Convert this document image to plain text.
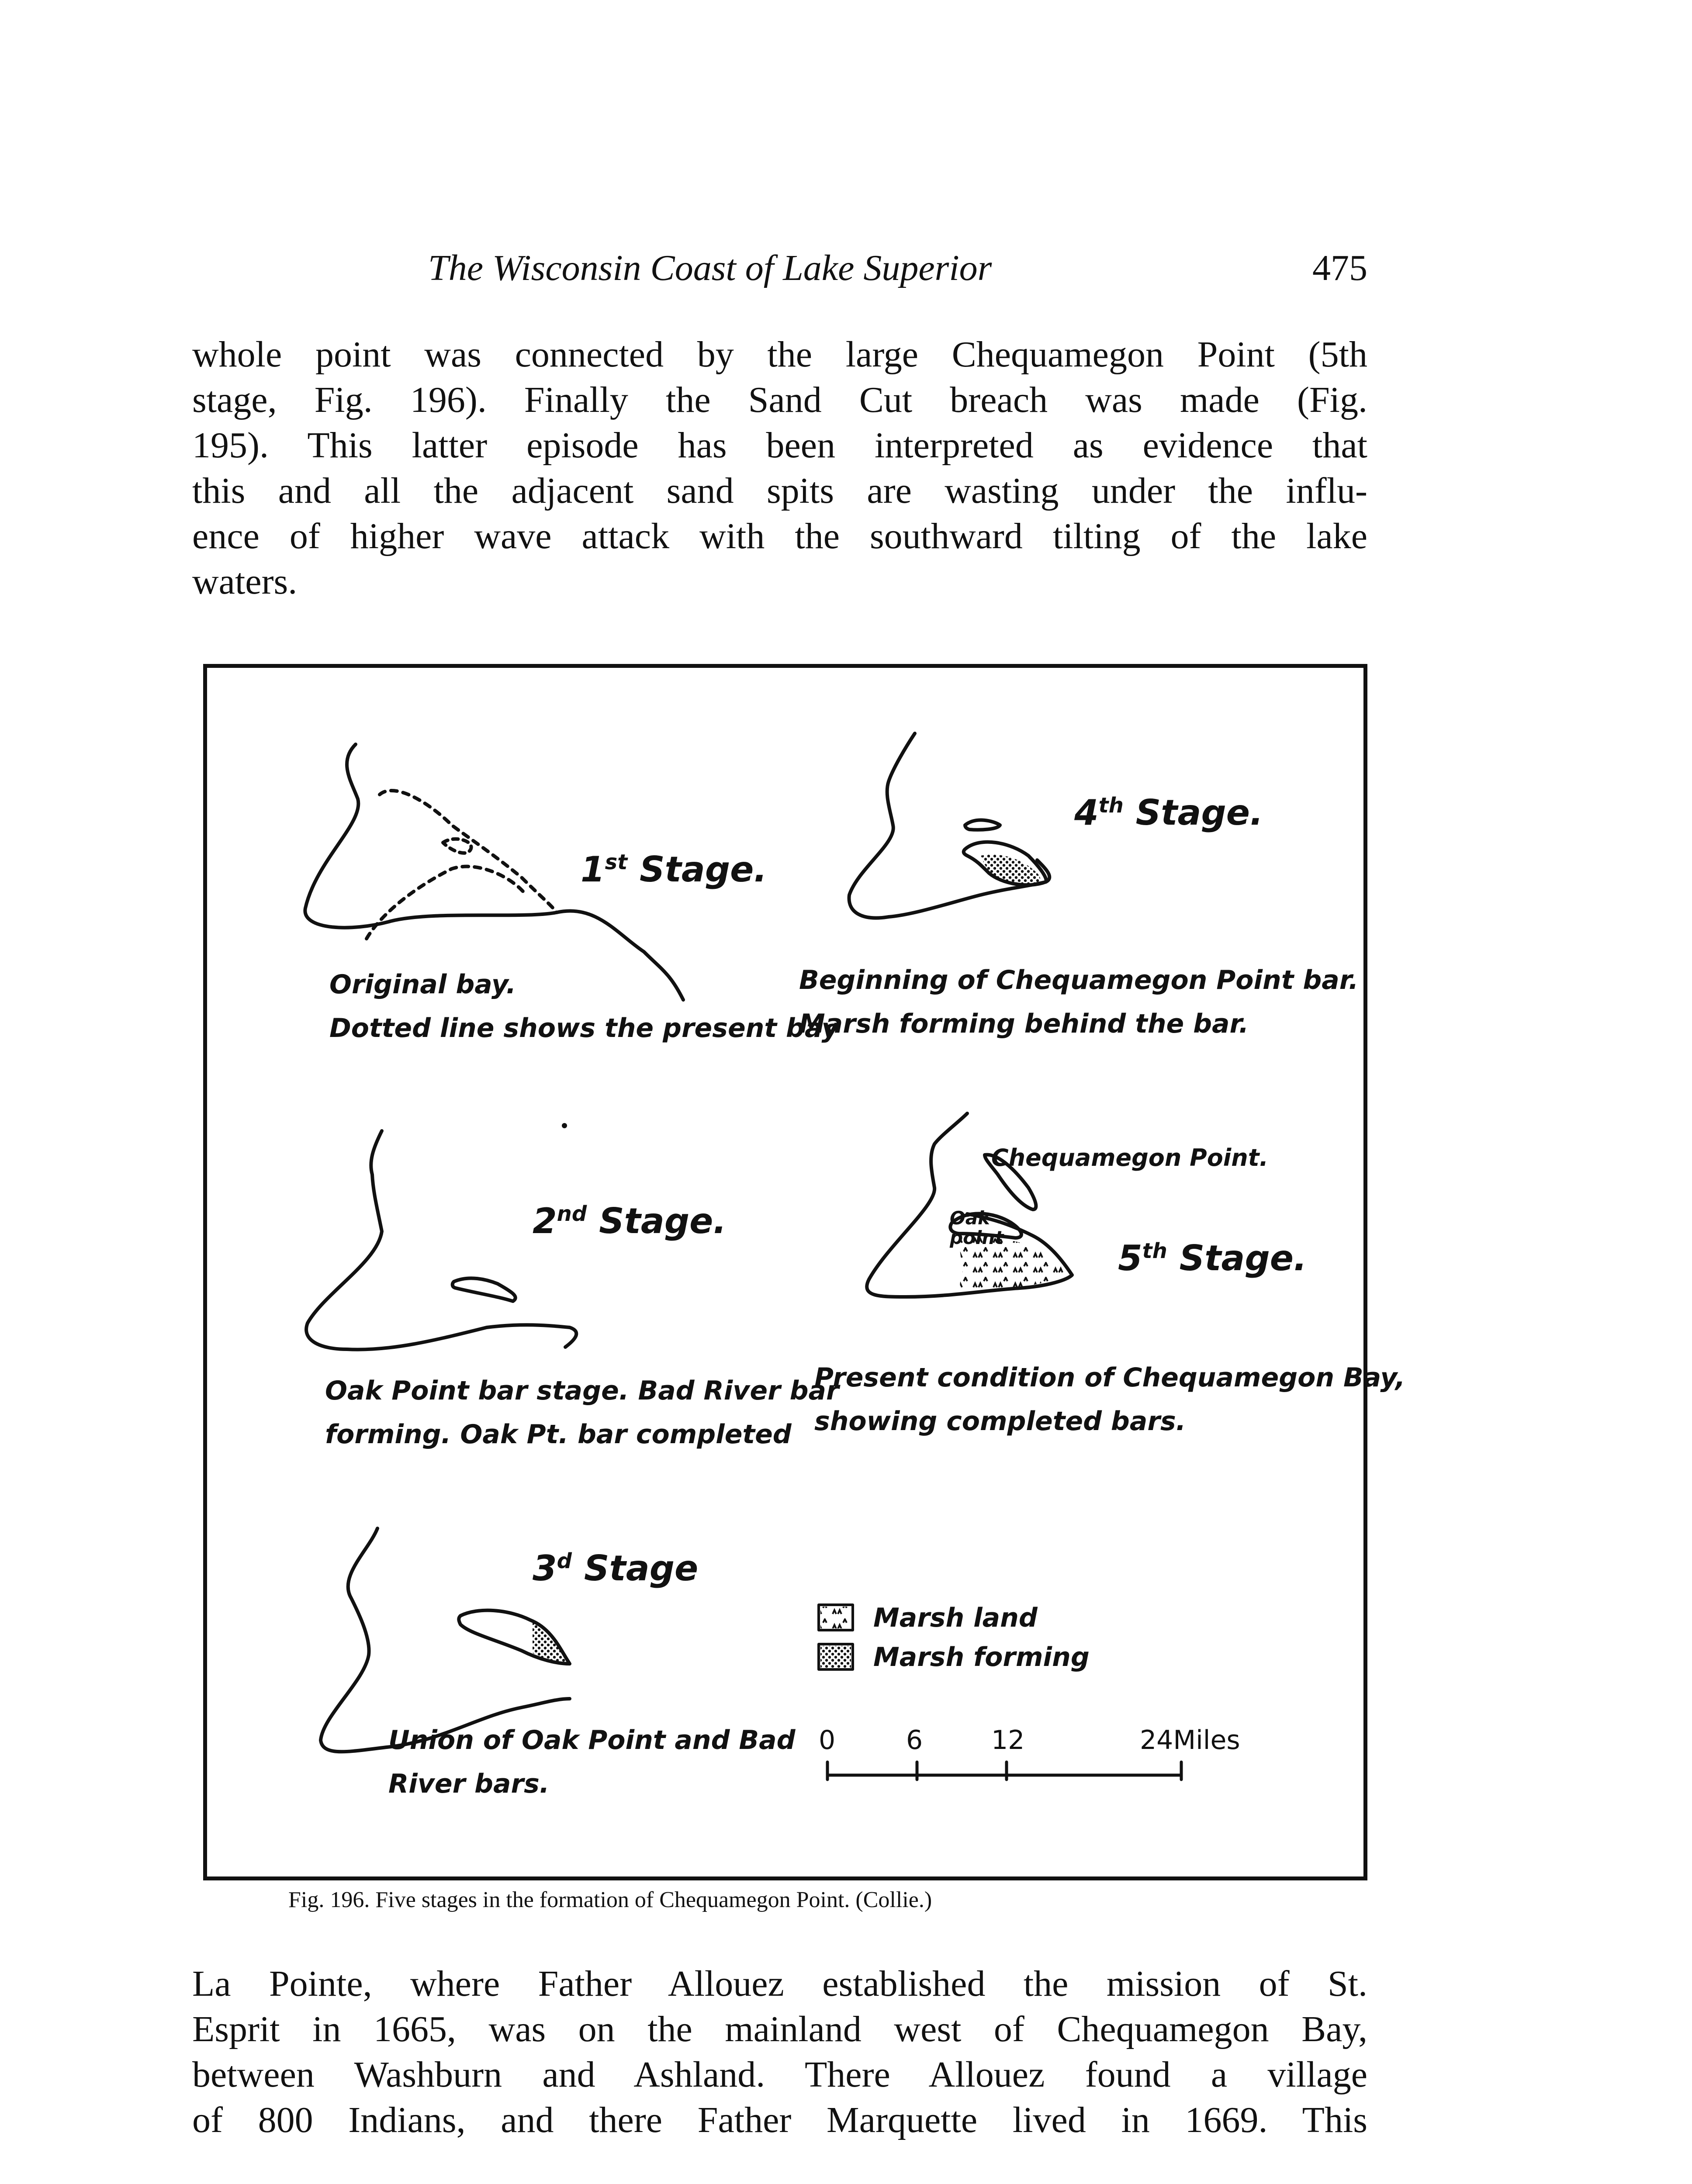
The Wisconsin Coast of Lake Superior	475
whole point was connected by the large Chequamegon Point (5th
stage, Fig. 196). Finally the Sand Cut breach was made (Fig.
195). This latter episode has been interpreted as evidence that
this and all the adjacent sand spits are wasting under the influ-
ence of higher wave attack with the southward tilting of the lake
waters.
1st Stage.
Original bay.
Dotted line shows the present bay
2nd Stage.
Oak Point bar stage. Bad River bar
forming. Oak Pt. bar completed
3$^d$ Stage
Union of Oak Point and Bad
River bars.
4th Stage.
Beginning of Chequamegon Point bar.
Marsh forming behind the bar.
Chequamegon Point.
Oak
point
5th Stage.
Present condition of Chequamegon Bay,
showing completed bars.
Marsh land
Marsh forming
0	6	12	24Miles
Fig. 196. Five stages in the formation of Chequamegon Point. (Collie.)
La Pointe, where Father Allouez established the mission of St.
Esprit in 1665, was on the mainland west of Chequamegon Bay,
between Washburn and Ashland. There Allouez found a village
of 800 Indians, and there Father Marquette lived in 1669. This
